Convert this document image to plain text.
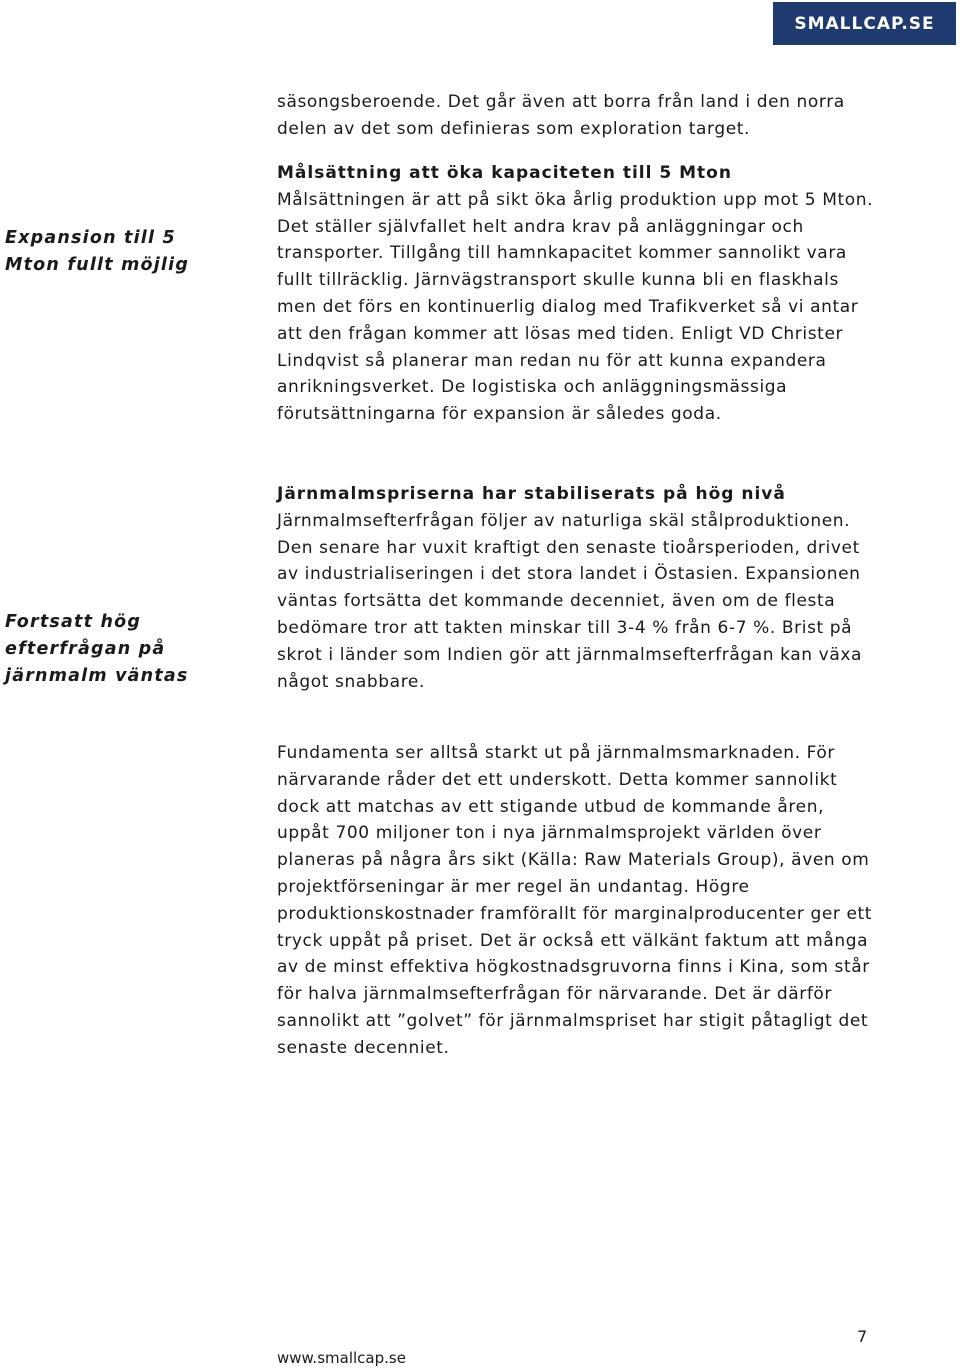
SMALLCAP.SE

säsongsberoende. Det går även att borra från land i den norra delen av det som definieras som exploration target.

Expansion till 5 Mton fullt möjlig

Målsättning att öka kapaciteten till 5 Mton

Målsättningen är att på sikt öka årlig produktion upp mot 5 Mton. Det ställer självfallet helt andra krav på anläggningar och transporter. Tillgång till hamnkapacitet kommer sannolikt vara fullt tillräcklig. Järnvägstransport skulle kunna bli en flaskhals men det förs en kontinuerlig dialog med Trafikverket så vi antar att den frågan kommer att lösas med tiden. Enligt VD Christer Lindqvist så planerar man redan nu för att kunna expandera anrikningsverket. De logistiska och anläggningsmässiga förutsättningarna för expansion är således goda.

Fortsatt hög efterfrågan på järnmalm väntas

Järnmalmspriserna har stabiliserats på hög nivå

Järnmalmsefterfrågan följer av naturliga skäl stålproduktionen. Den senare har vuxit kraftigt den senaste tioårsperioden, drivet av industrialiseringen i det stora landet i Östasien. Expansionen väntas fortsätta det kommande decenniet, även om de flesta bedömare tror att takten minskar till 3-4 % från 6-7 %. Brist på skrot i länder som Indien gör att järnmalmsefterfrågan kan växa något snabbare.

Fundamenta ser alltså starkt ut på järnmalmsmarknaden. För närvarande råder det ett underskott. Detta kommer sannolikt dock att matchas av ett stigande utbud de kommande åren, uppåt 700 miljoner ton i nya järnmalmsprojekt världen över planeras på några års sikt (Källa: Raw Materials Group), även om projektförseningar är mer regel än undantag. Högre produktionskostnader framförallt för marginalproducenter ger ett tryck uppåt på priset. Det är också ett välkänt faktum att många av de minst effektiva högkostnadsgruvorna finns i Kina, som står för halva järnmalmsefterfrågan för närvarande. Det är därför sannolikt att ”golvet” för järnmalmspriset har stigit påtagligt det senaste decenniet.

7
www.smallcap.se
